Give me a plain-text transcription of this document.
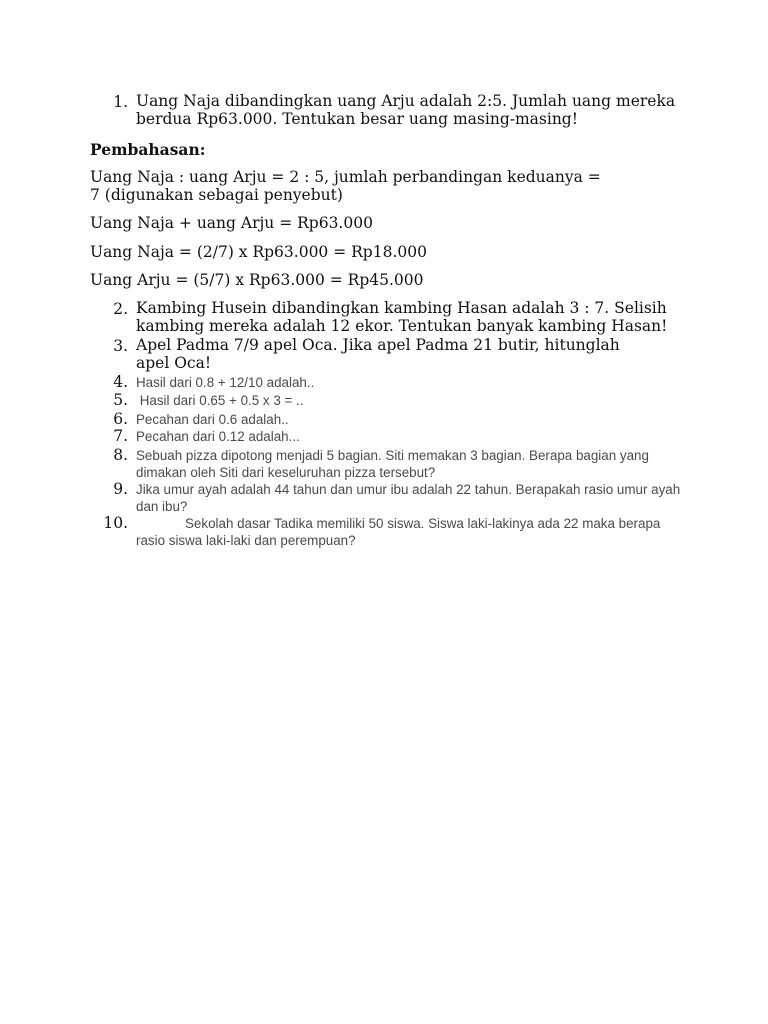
1. Uang Naja dibandingkan uang Arju adalah 2:5. Jumlah uang mereka berdua Rp63.000. Tentukan besar uang masing-masing!
Pembahasan:
Uang Naja : uang Arju = 2 : 5, jumlah perbandingan keduanya = 7 (digunakan sebagai penyebut)
Uang Naja + uang Arju = Rp63.000
Uang Naja = (2/7) x Rp63.000 = Rp18.000
Uang Arju = (5/7) x Rp63.000 = Rp45.000
2. Kambing Husein dibandingkan kambing Hasan adalah 3 : 7. Selisih kambing mereka adalah 12 ekor. Tentukan banyak kambing Hasan!
3. Apel Padma 7/9 apel Oca. Jika apel Padma 21 butir, hitunglah apel Oca!
4. Hasil dari 0.8 + 12/10 adalah..
5. Hasil dari 0.65 + 0.5 x 3 = ..
6. Pecahan dari 0.6 adalah..
7. Pecahan dari 0.12 adalah...
8. Sebuah pizza dipotong menjadi 5 bagian. Siti memakan 3 bagian. Berapa bagian yang dimakan oleh Siti dari keseluruhan pizza tersebut?
9. Jika umur ayah adalah 44 tahun dan umur ibu adalah 22 tahun. Berapakah rasio umur ayah dan ibu?
10.	Sekolah dasar Tadika memiliki 50 siswa. Siswa laki-lakinya ada 22 maka berapa rasio siswa laki-laki dan perempuan?
